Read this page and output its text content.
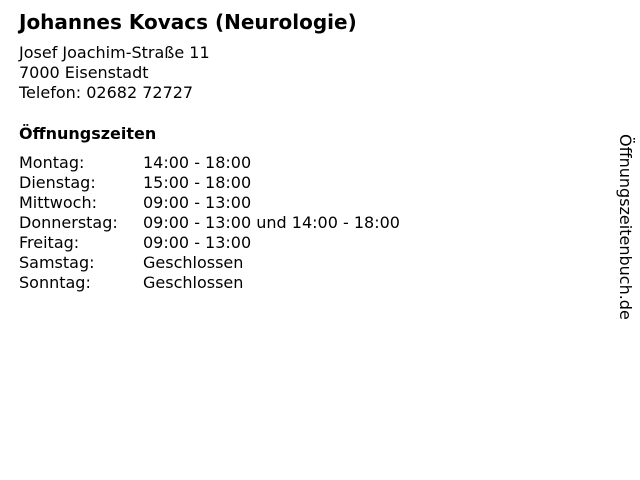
Johannes Kovacs (Neurologie)
Josef Joachim-Straße 11
7000 Eisenstadt
Telefon: 02682 72727
Öffnungszeiten
Montag:	14:00 - 18:00
Dienstag:	15:00 - 18:00
Mittwoch:	09:00 - 13:00
Donnerstag:	09:00 - 13:00 und 14:00 - 18:00
Freitag:	09:00 - 13:00
Samstag:	Geschlossen
Sonntag:	Geschlossen	Öffnungszeitenbuch.de
